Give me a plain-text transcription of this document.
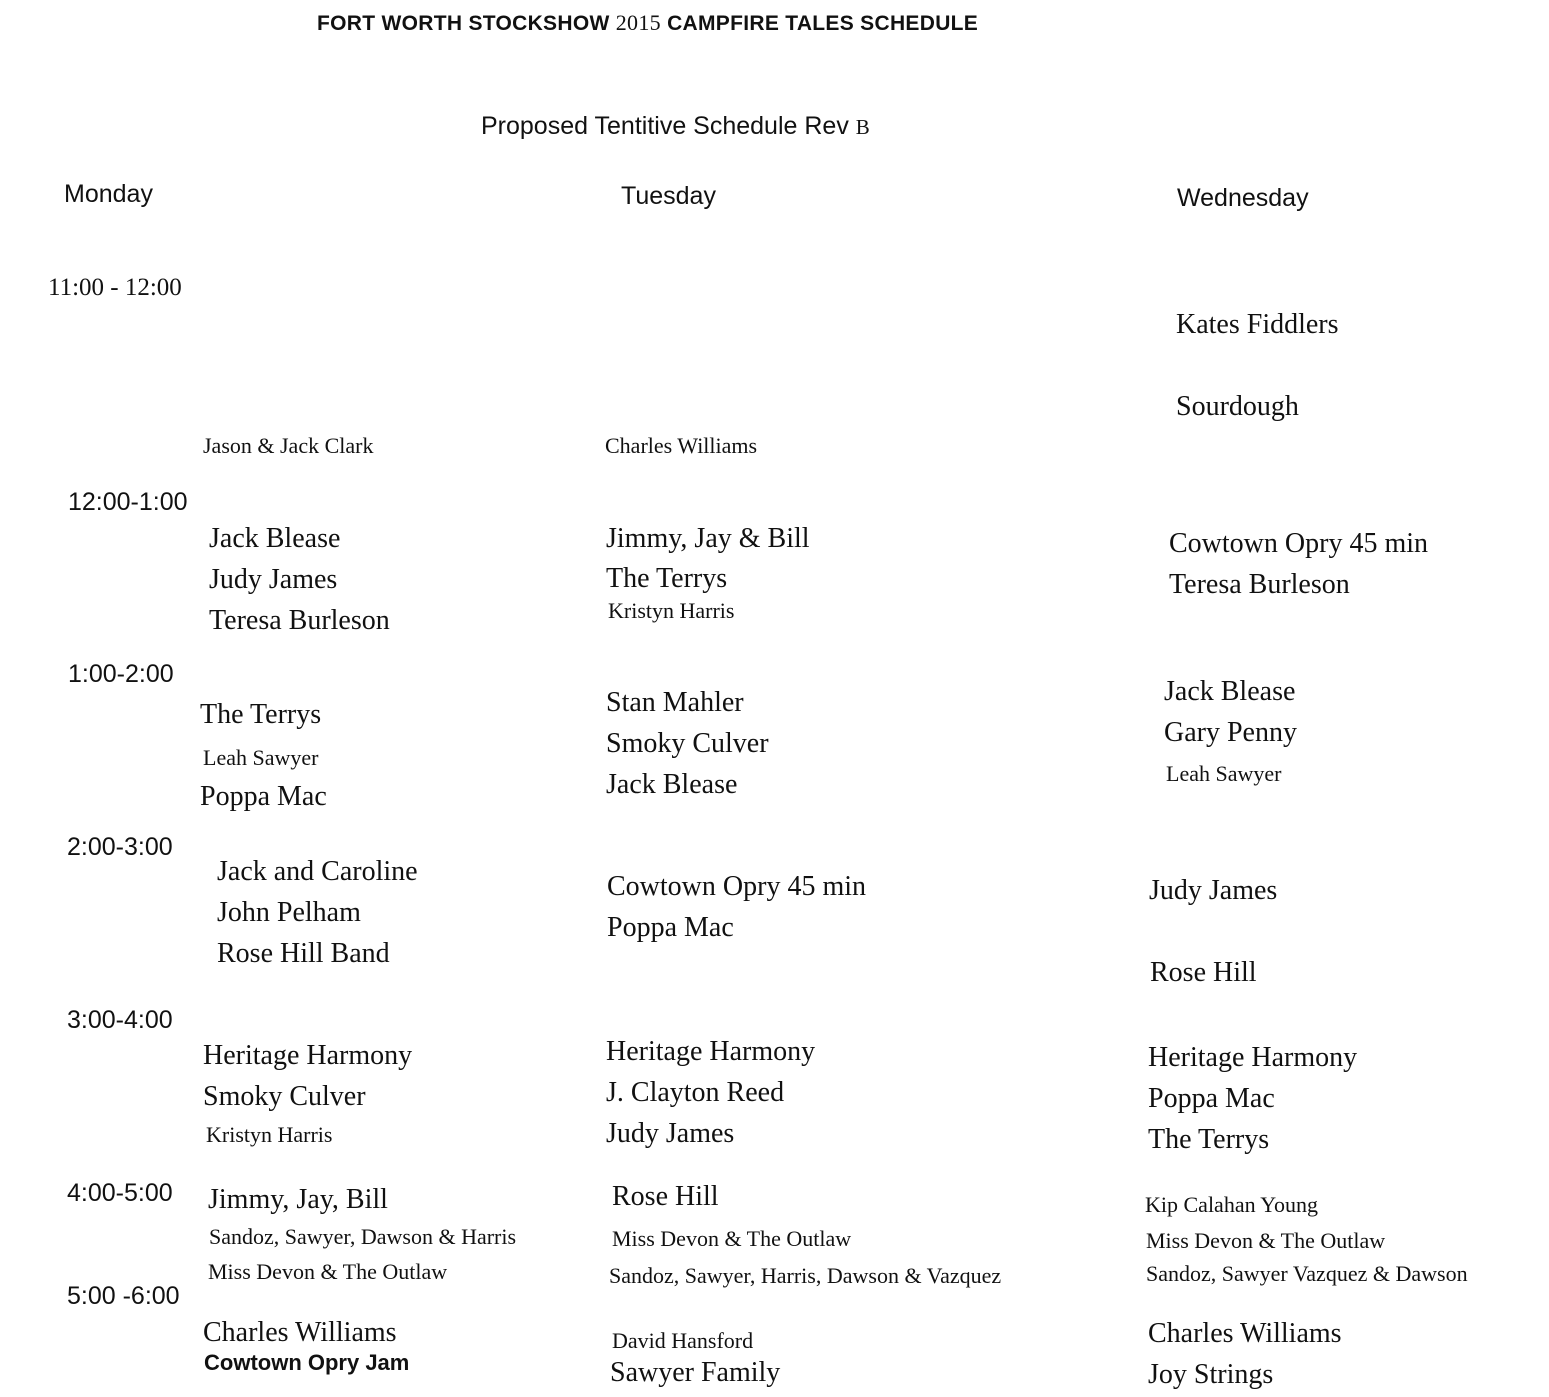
FORT WORTH STOCKSHOW 2015 CAMPFIRE TALES SCHEDULE
Proposed Tentitive Schedule Rev B
Monday	Tuesday	Wednesday
11:00 - 12:00
12:00-1:00
1:00-2:00
2:00-3:00
3:00-4:00
4:00-5:00
5:00 -6:00
Jason & Jack Clark
Jack Blease
Judy James
Teresa Burleson
The Terrys
Leah Sawyer
Poppa Mac
Jack and Caroline
John Pelham
Rose Hill Band
Heritage Harmony
Smoky Culver
Kristyn Harris
Jimmy, Jay, Bill
Sandoz, Sawyer, Dawson & Harris
Miss Devon & The Outlaw
Charles Williams
Cowtown Opry Jam
Charles Williams
Jimmy, Jay & Bill
The Terrys
Kristyn Harris
Stan Mahler
Smoky Culver
Jack Blease
Cowtown Opry 45 min
Poppa Mac
Heritage Harmony
J. Clayton Reed
Judy James
Rose Hill
Miss Devon & The Outlaw
Sandoz, Sawyer, Harris, Dawson & Vazquez
David Hansford
Sawyer Family
Kates Fiddlers
Sourdough
Cowtown Opry 45 min
Teresa Burleson
Jack Blease
Gary Penny
Leah Sawyer
Judy James
Rose Hill
Heritage Harmony
Poppa Mac
The Terrys
Kip Calahan Young
Miss Devon & The Outlaw
Sandoz, Sawyer Vazquez & Dawson
Charles Williams
Joy Strings
